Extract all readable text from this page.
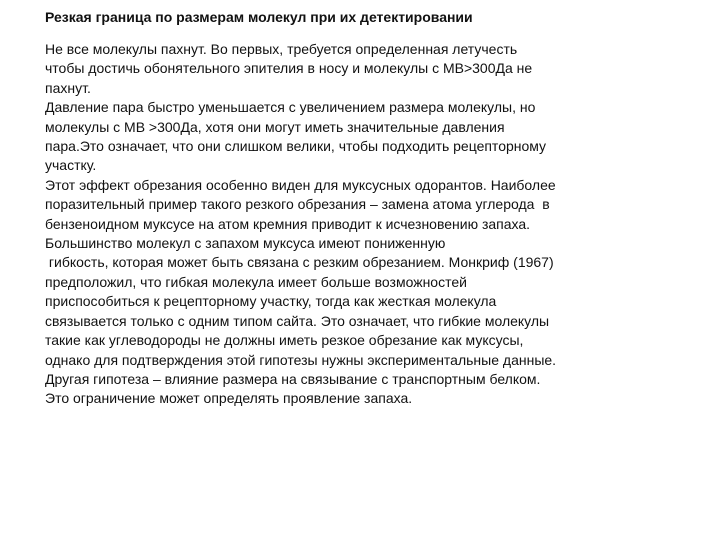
Резкая граница по размерам молекул при их детектировании
Не все молекулы пахнут. Во первых, требуется определенная летучесть
чтобы достичь обонятельного эпителия в носу и молекулы с МВ>300Да не
пахнут.
Давление пара быстро уменьшается с увеличением размера молекулы, но
молекулы с МВ >300Да, хотя они могут иметь значительные давления
пара.Это означает, что они слишком велики, чтобы подходить рецепторному
участку.
Этот эффект обрезания особенно виден для муксусных одорантов. Наиболее
поразительный пример такого резкого обрезания – замена атома углерода  в
бензеноидном муксусе на атом кремния приводит к исчезновению запаха.
Большинство молекул с запахом муксуса имеют пониженную
гибкость, которая может быть связана с резким обрезанием. Монкриф (1967)
предположил, что гибкая молекула имеет больше возможностей
приспособиться к рецепторному участку, тогда как жесткая молекула
связывается только с одним типом сайта. Это означает, что гибкие молекулы
такие как углеводороды не должны иметь резкое обрезание как муксусы,
однако для подтверждения этой гипотезы нужны экспериментальные данные.
Другая гипотеза – влияние размера на связывание с транспортным белком.
Это ограничение может определять проявление запаха.
